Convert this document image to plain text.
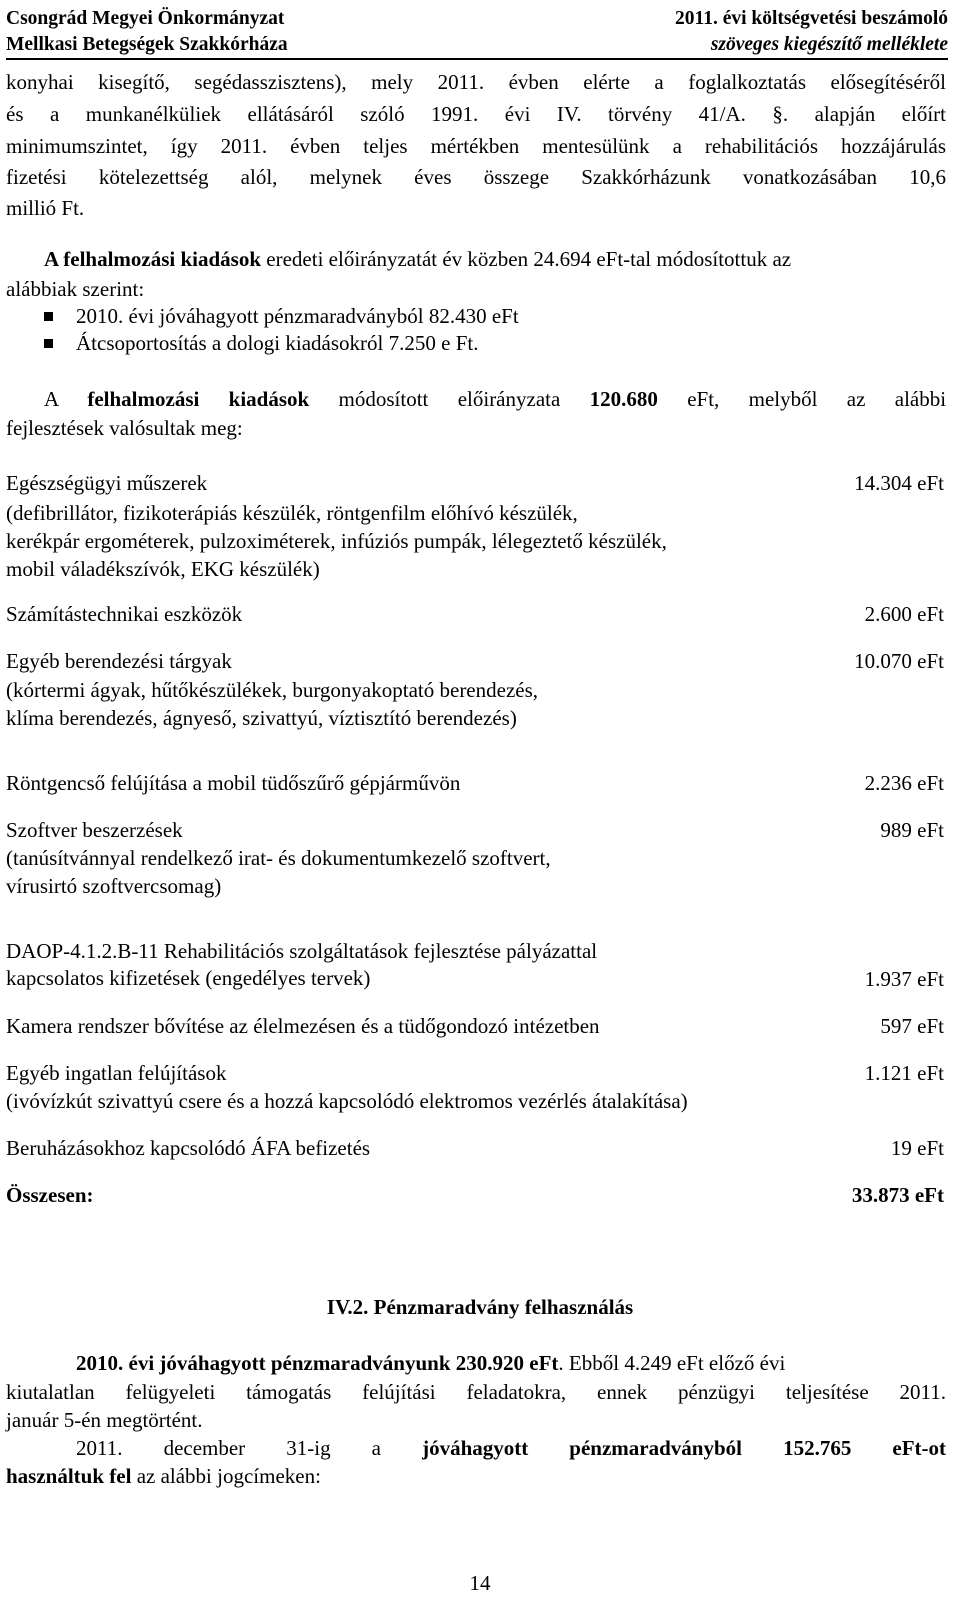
Csongrád Megyei Önkormányzat
Mellkasi Betegségek Szakkórháza
2011. évi költségvetési beszámoló
szöveges kiegészítő melléklete
konyhai kisegítő, segédasszisztens), mely 2011. évben elérte a foglalkoztatás elősegítéséről
és a munkanélküliek ellátásáról szóló 1991. évi IV. törvény 41/A. §. alapján előírt
minimumszintet, így 2011. évben teljes mértékben mentesülünk a rehabilitációs hozzájárulás
fizetési kötelezettség alól, melynek éves összege Szakkórházunk vonatkozásában 10,6
millió Ft.
A felhalmozási kiadások eredeti előirányzatát év közben 24.694 eFt-tal módosítottuk az
alábbiak szerint:
2010. évi jóváhagyott pénzmaradványból 82.430 eFt
Átcsoportosítás a dologi kiadásokról 7.250 e Ft.
A felhalmozási kiadások módosított előirányzata 120.680 eFt, melyből az alábbi
fejlesztések valósultak meg:
Egészségügyi műszerek	14.304 eFt
(defibrillátor, fizikoterápiás készülék, röntgenfilm előhívó készülék,
kerékpár ergométerek, pulzoximéterek, infúziós pumpák, lélegeztető készülék,
mobil váladékszívók, EKG készülék)
Számítástechnikai eszközök	2.600 eFt
Egyéb berendezési tárgyak	10.070 eFt
(kórtermi ágyak, hűtőkészülékek, burgonyakoptató berendezés,
klíma berendezés, ágnyeső, szivattyú, víztisztító berendezés)
Röntgencső felújítása a mobil tüdőszűrő gépjárművön	2.236 eFt
Szoftver beszerzések	989 eFt
(tanúsítvánnyal rendelkező irat- és dokumentumkezelő szoftvert,
vírusirtó szoftvercsomag)
DAOP-4.1.2.B-11 Rehabilitációs szolgáltatások fejlesztése pályázattal
kapcsolatos kifizetések (engedélyes tervek)	1.937 eFt
Kamera rendszer bővítése az élelmezésen és a tüdőgondozó intézetben	597 eFt
Egyéb ingatlan felújítások	1.121 eFt
(ivóvízkút szivattyú csere és a hozzá kapcsolódó elektromos vezérlés átalakítása)
Beruházásokhoz kapcsolódó ÁFA befizetés	19 eFt
Összesen:	33.873 eFt
IV.2. Pénzmaradvány felhasználás
2010. évi jóváhagyott pénzmaradványunk 230.920 eFt. Ebből 4.249 eFt előző évi
kiutalatlan felügyeleti támogatás felújítási feladatokra, ennek pénzügyi teljesítése 2011.
január 5-én megtörtént.
2011. december 31-ig a jóváhagyott pénzmaradványból 152.765 eFt-ot
használtuk fel az alábbi jogcímeken:
14
